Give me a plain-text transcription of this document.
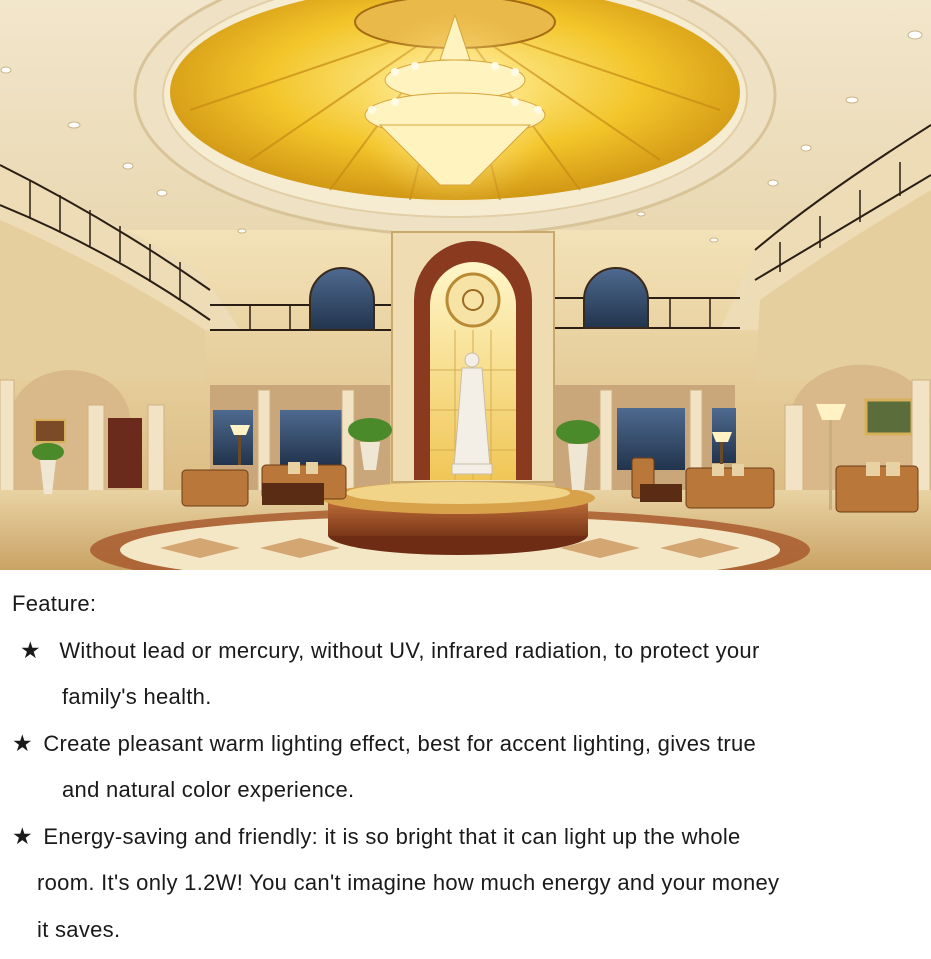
Feature:
★ Without lead or mercury, without UV, infrared radiation, to protect your
family's health.
★ Create pleasant warm lighting effect, best for accent lighting, gives true
and natural color experience.
★ Energy-saving and friendly: it is so bright that it can light up the whole
room. It's only 1.2W! You can't imagine how much energy and your money
it saves.
